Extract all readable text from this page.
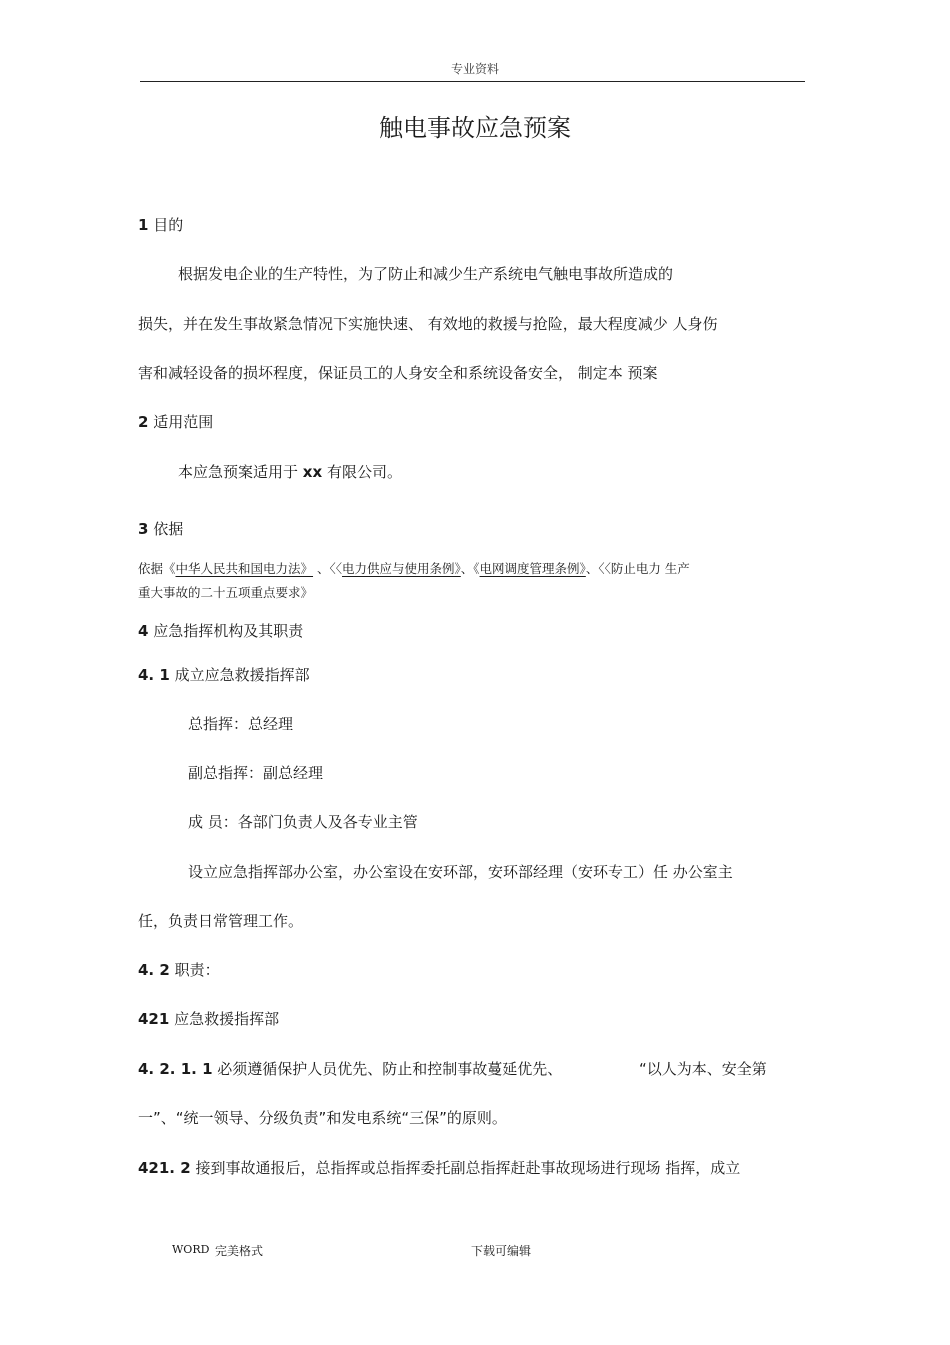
专业资料
触电事故应急预案
1 目的
根据发电企业的生产特性，为了防止和减少生产系统电气触电事故所造成的
损失，并在发生事故紧急情况下实施快速、 有效地的救援与抢险，最大程度减少 人身伤
害和减轻设备的损坏程度，保证员工的人身安全和系统设备安全， 制定本 预案
2 适用范围
本应急预案适用于 xx 有限公司。
3 依据
依据《中华人民共和国电力法》 、〈〈电力供应与使用条例》、《电网调度管理条例》、〈〈防止电力 生产
重大事故的二十五项重点要求》
4 应急指挥机构及其职责
4. 1 成立应急救援指挥部
总指挥：总经理
副总指挥：副总经理
成 员：各部门负责人及各专业主管
设立应急指挥部办公室，办公室设在安环部，安环部经理（安环专工）任 办公室主
任，负责日常管理工作。
4. 2 职责：
421 应急救援指挥部
4. 2. 1. 1 必须遵循保护人员优先、防止和控制事故蔓延优先、	“以人为本、安全第
一”、“统一领导、分级负责”和发电系统“三保”的原则。
421. 2 接到事故通报后，总指挥或总指挥委托副总指挥赶赴事故现场进行现场 指挥，成立
WORD 完美格式	下载可编辑
